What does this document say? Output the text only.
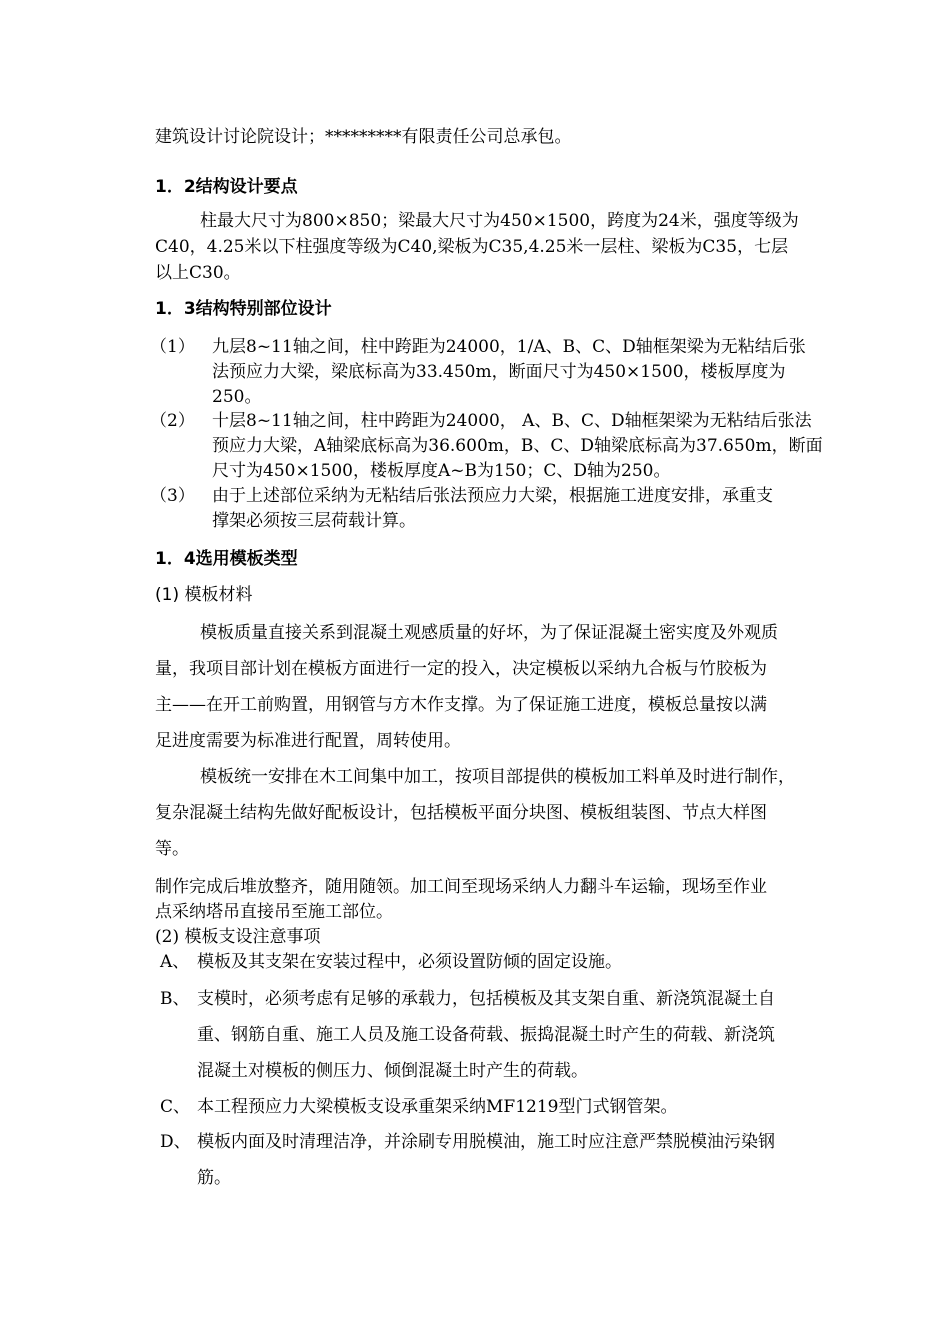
建筑设计讨论院设计；*********有限责任公司总承包。
1．2结构设计要点
柱最大尺寸为800×850；梁最大尺寸为450×1500，跨度为24米，强度等级为
C40，4.25米以下柱强度等级为C40,梁板为C35,4.25米一层柱、梁板为C35，七层
以上C30。
1．3结构特别部位设计
（1） 九层8~11轴之间，柱中跨距为24000，1/A、B、C、D轴框架梁为无粘结后张
法预应力大梁，梁底标高为33.450m，断面尺寸为450×1500，楼板厚度为
250。
（2） 十层8~11轴之间，柱中跨距为24000， A、B、C、D轴框架梁为无粘结后张法
预应力大梁，A轴梁底标高为36.600m，B、C、D轴梁底标高为37.650m，断面
尺寸为450×1500，楼板厚度A~B为150；C、D轴为250。
（3） 由于上述部位采纳为无粘结后张法预应力大梁，根据施工进度安排，承重支
撑架必须按三层荷载计算。
1．4选用模板类型
(1) 模板材料
模板质量直接关系到混凝土观感质量的好坏，为了保证混凝土密实度及外观质
量，我项目部计划在模板方面进行一定的投入，决定模板以采纳九合板与竹胶板为
主——在开工前购置，用钢管与方木作支撑。为了保证施工进度，模板总量按以满
足进度需要为标准进行配置，周转使用。
模板统一安排在木工间集中加工，按项目部提供的模板加工料单及时进行制作，
复杂混凝土结构先做好配板设计，包括模板平面分块图、模板组装图、节点大样图
等。
制作完成后堆放整齐，随用随领。加工间至现场采纳人力翻斗车运输，现场至作业
点采纳塔吊直接吊至施工部位。
(2) 模板支设注意事项
A、 模板及其支架在安装过程中，必须设置防倾的固定设施。
B、 支模时，必须考虑有足够的承载力，包括模板及其支架自重、新浇筑混凝土自
重、钢筋自重、施工人员及施工设备荷载、振捣混凝土时产生的荷载、新浇筑
混凝土对模板的侧压力、倾倒混凝土时产生的荷载。
C、 本工程预应力大梁模板支设承重架采纳MF1219型门式钢管架。
D、 模板内面及时清理洁净，并涂刷专用脱模油，施工时应注意严禁脱模油污染钢
筋。
